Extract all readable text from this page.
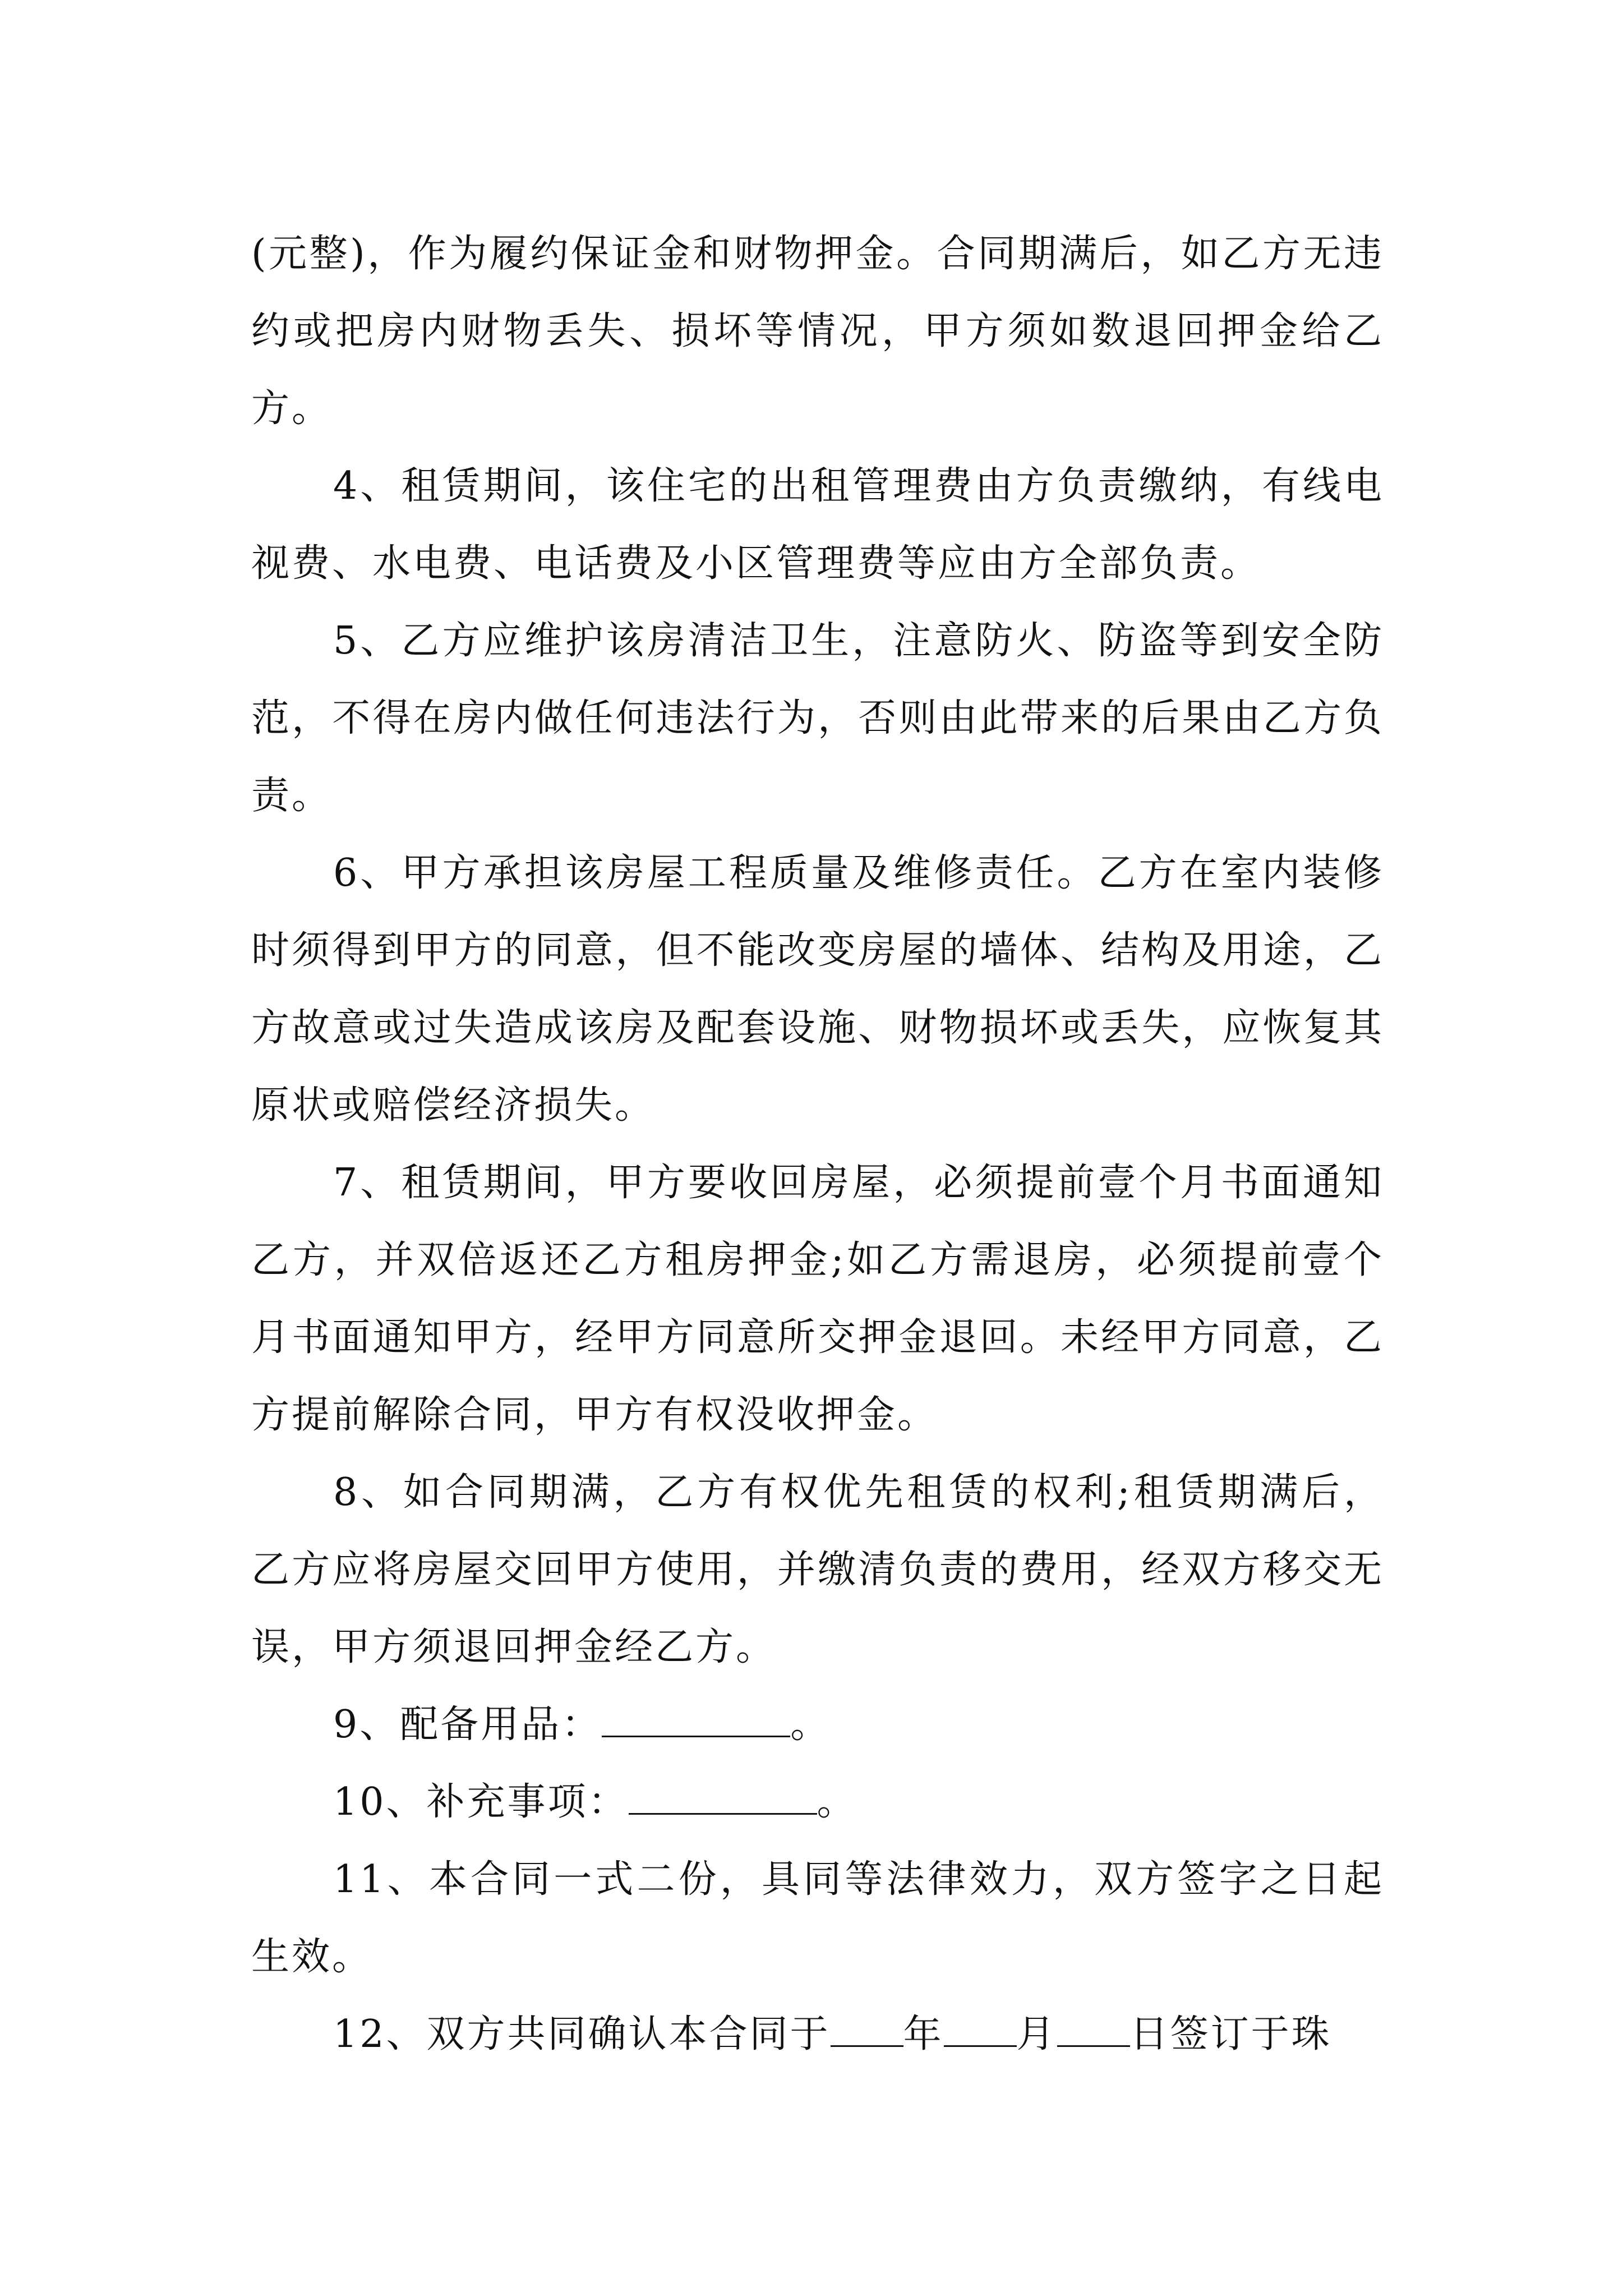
(元整)，作为履约保证金和财物押金。合同期满后，如乙方无违约或把房内财物丢失、损坏等情况，甲方须如数退回押金给乙方。

4、租赁期间，该住宅的出租管理费由方负责缴纳，有线电视费、水电费、电话费及小区管理费等应由方全部负责。

5、乙方应维护该房清洁卫生，注意防火、防盗等到安全防范，不得在房内做任何违法行为，否则由此带来的后果由乙方负责。

6、甲方承担该房屋工程质量及维修责任。乙方在室内装修时须得到甲方的同意，但不能改变房屋的墙体、结构及用途，乙方故意或过失造成该房及配套设施、财物损坏或丢失，应恢复其原状或赔偿经济损失。

7、租赁期间，甲方要收回房屋，必须提前壹个月书面通知乙方，并双倍返还乙方租房押金;如乙方需退房，必须提前壹个月书面通知甲方，经甲方同意所交押金退回。未经甲方同意，乙方提前解除合同，甲方有权没收押金。

8、如合同期满，乙方有权优先租赁的权利;租赁期满后，乙方应将房屋交回甲方使用，并缴清负责的费用，经双方移交无误，甲方须退回押金经乙方。

9、配备用品：	。

10、补充事项：	。

11、本合同一式二份，具同等法律效力，双方签字之日起生效。

12、双方共同确认本合同于 年 月 日签订于珠
